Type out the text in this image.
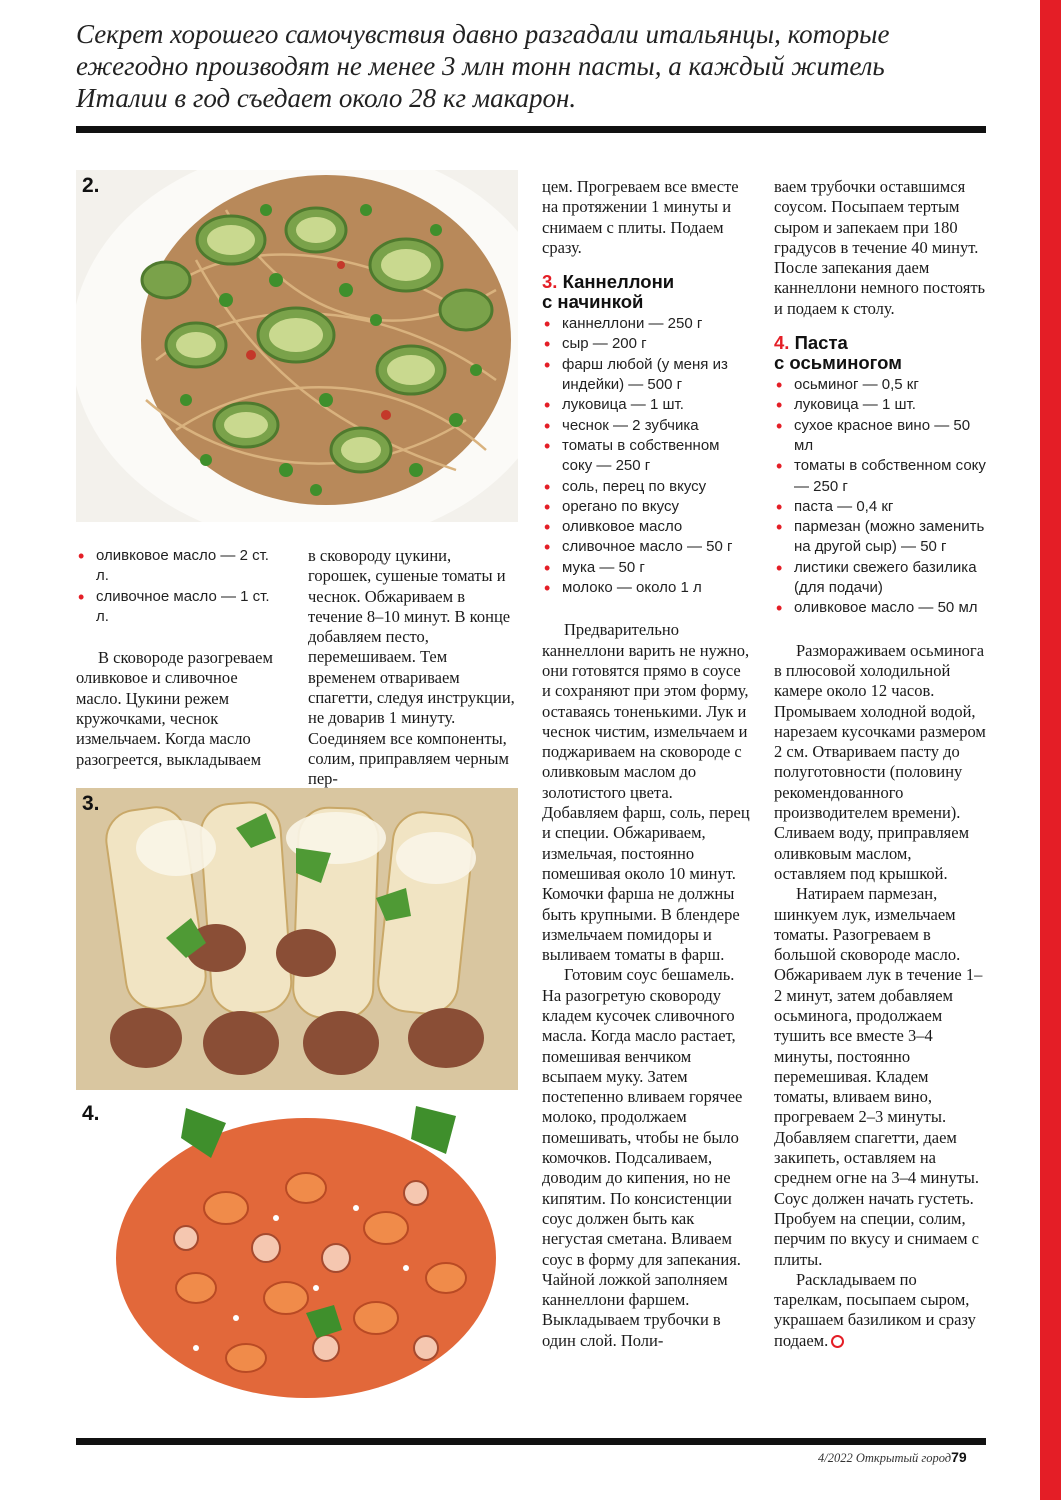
Секрет хорошего самочувствия давно разгадали итальянцы, которые
ежегодно производят не менее 3 млн тонн пасты, а каждый житель
Италии в год съедает около 28 кг макарон.
2.
3.
4.
• оливковое масло — 2 ст. л.
• сливочное масло — 1 ст. л.

В сковороде разогреваем оливковое и сливочное масло. Цукини режем кружочками, чеснок измельчаем. Когда масло разогреется, выкладываем

в сковороду цукини, горошек, сушеные томаты и чеснок. Обжариваем в течение 8–10 минут. В конце добавляем песто, перемешиваем. Тем временем отвариваем спагетти, следуя инструкции, не доварив 1 минуту. Соединяем все компоненты, солим, приправляем черным пер-

цем. Прогреваем все вместе на протяжении 1 минуты и снимаем с плиты. Подаем сразу.

3. Каннеллони

с начинкой

• каннеллони — 250 г
• сыр — 200 г
• фарш любой (у меня из индейки) — 500 г
• луковица — 1 шт.
• чеснок — 2 зубчика
• томаты в собственном соку — 250 г
• соль, перец по вкусу
• орегано по вкусу
• оливковое масло
• сливочное масло — 50 г
• мука — 50 г
• молоко — около 1 л

Предварительно каннеллони варить не нужно, они готовятся прямо в соусе и сохраняют при этом форму, оставаясь тоненькими. Лук и чеснок чистим, измельчаем и поджариваем на сковороде с оливковым маслом до золотистого цвета. Добавляем фарш, соль, перец и специи. Обжариваем, измельчая, постоянно помешивая около 10 минут. Комочки фарша не должны быть крупными. В блендере измельчаем помидоры и выливаем томаты в фарш.

Готовим соус бешамель. На разогретую сковороду кладем кусочек сливочного масла. Когда масло растает, помешивая венчиком всыпаем муку. Затем постепенно вливаем горячее молоко, продолжаем помешивать, чтобы не было комочков. Подсаливаем, доводим до кипения, но не кипятим. По консистенции соус должен быть как негустая сметана. Вливаем соус в форму для запекания. Чайной ложкой заполняем каннеллони фаршем. Выкладываем трубочки в один слой. Поли-

ваем трубочки оставшимся соусом. Посыпаем тертым сыром и запекаем при 180 градусов в течение 40 минут. После запекания даем каннеллони немного постоять и подаем к столу.

4. Паста

с осьминогом

• осьминог — 0,5 кг
• луковица — 1 шт.
• сухое красное вино — 50 мл
• томаты в собственном соку — 250 г
• паста — 0,4 кг
• пармезан (можно заменить на другой сыр) — 50 г
• листики свежего базилика (для подачи)
• оливковое масло — 50 мл

Размораживаем осьминога в плюсовой холодильной камере около 12 часов. Промываем холодной водой, нарезаем кусочками размером 2 см. Отвариваем пасту до полуготовности (половину рекомендованного производителем времени). Сливаем воду, приправляем оливковым маслом, оставляем под крышкой.

Натираем пармезан, шинкуем лук, измельчаем томаты. Разогреваем в большой сковороде масло. Обжариваем лук в течение 1–2 минут, затем добавляем осьминога, продолжаем тушить все вместе 3–4 минуты, постоянно перемешивая. Кладем томаты, вливаем вино, прогреваем 2–3 минуты. Добавляем спагетти, даем закипеть, оставляем на среднем огне на 3–4 минуты. Соус должен начать густеть. Пробуем на специи, солим, перчим по вкусу и снимаем с плиты.

Раскладываем по тарелкам, посыпаем сыром, украшаем базиликом и сразу подаем.

4/2022 Открытый город79
